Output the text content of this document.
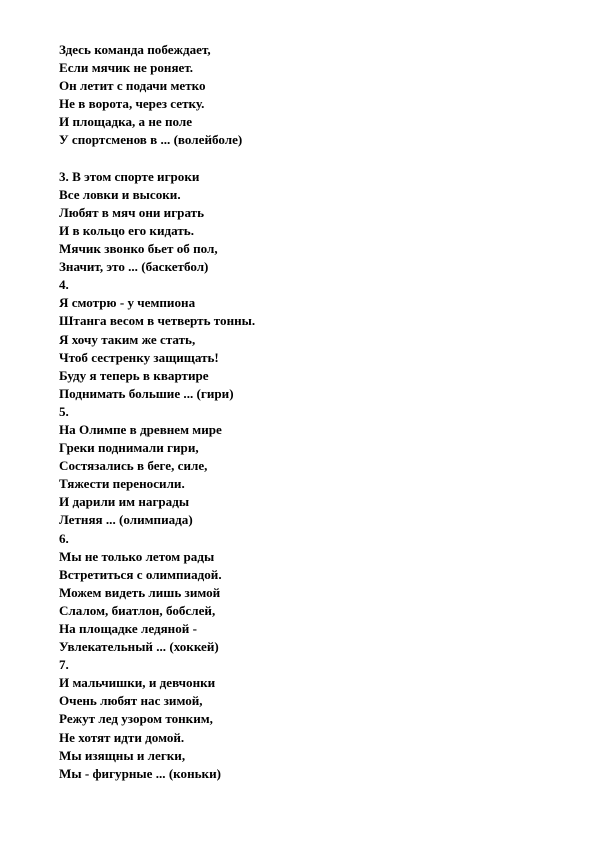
Здесь команда побеждает,
Если мячик не роняет.
Он летит с подачи метко
Не в ворота, через сетку.
И площадка, а не поле
У спортсменов в ... (волейболе)
3. В этом спорте игроки
Все ловки и высоки.
Любят в мяч они играть
И в кольцо его кидать.
Мячик звонко бьет об пол,
Значит, это ... (баскетбол)
4.
Я смотрю - у чемпиона
Штанга весом в четверть тонны.
Я хочу таким же стать,
Чтоб сестренку защищать!
Буду я теперь в квартире
Поднимать большие ... (гири)
5.
На Олимпе в древнем мире
Греки поднимали гири,
Состязались в беге, силе,
Тяжести переносили.
И дарили им награды
Летняя ... (олимпиада)
6.
Мы не только летом рады
Встретиться с олимпиадой.
Можем видеть лишь зимой
Слалом, биатлон, бобслей,
На площадке ледяной -
Увлекательный ... (хоккей)
7.
И мальчишки, и девчонки
Очень любят нас зимой,
Режут лед узором тонким,
Не хотят идти домой.
Мы изящны и легки,
Мы - фигурные ... (коньки)
